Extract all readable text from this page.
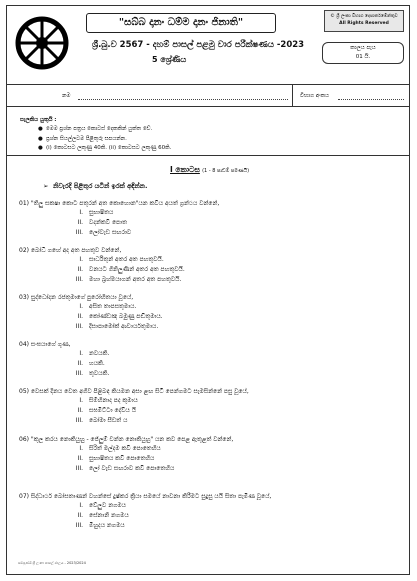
"සබ්බ දානං ධම්ම දානං ජිනාති"
© ශ්‍රී ලංකා විභාග දෙපාර්තමේන්තුව
All Rights Reserved
ශ්‍රී.බු.ව 2567 - දහම් පාසල් පළමු වාර පරීක්ෂණය -2023
5 ශ්‍රේණිය
කාලය පැය
01 යි.
නම	විභාග අංකය
සැලකිය යුතුයි :
● මෙම ප්‍රශ්න පත්‍රය කොටස් දෙකකින් යුක්ත වේ.
● ප්‍රශ්න සියල්ලටම පිළිතුරු සපයන්න.
● (i) කොටසට ලකුණු 40කි. (ii) කොටසට ලකුණු 60කි.
I කොටස (1 - 8 පාඩම් පමණයි)
➢  නිවැරදි පිළිතුර යටින් ඉරක් අඳින්න.
01) "තිලු සකෂා කොට පතුරන් අත කොහොන"යන කවිය අයත් ග්‍රන්ථය වන්නේ,
I. සුභාෂිතය
II. වදන්කවි පොත
III. ලෝවැඩ සඟරාව
02) බෝධි ගහේ අද අත පහතුව වන්නේ,
I. සාර්ධිතුන් අතර අත පහතුවයි.
II. වනයට ගිනිලුණින් අතර අත පහතුවයි.
III. මහා බ්‍රහ්මයාගන් අතර අත පහතුවයි.
03) සුද්ධෝදන රජතුමාගේ පුරෝහිතයා වූයේ,
I. අසිත තාපසතුමාය.
II. කෝණ්ඩඤ බමුණු පඬිතුමාය.
III. දිසාපාමෝක් ආචාර්යතුමාය.
04) සංඝයාගේ ගුණ,
I. නවයකි.
II. හයකි.
III. තුවයකි.
05) වෙසක් දිනය වෙත අගිව පිළිබඳ කියමන අසා ළඟ සිටි පෙන්ගමට සැමසින්නේ පසු වූයේ,
I. සිම්හිනාද පද කුමාය
II. සඝමිට්ටා දේවිය යි
III. බෝමා සීඩත් ය
06) "කුල කරය නොකියුහු - ජේලුම් චන්න නොකියුහු" යන කව පෙළ ඇතුළත් වන්නේ,
I. සිරිත් මල්දම කවි පොතෙහිය
II. සුභාෂිතය කවි පොතෙහිය
III. ලෝ වැඩ සඟරාව කවි පොතෙහිය
07) සිද්ධාර්ථ බෝසතාණන් වහන්සේ දුෂ්කර ක්‍රියා සමයේ නාවනා කිරීමට සුදුසු යයි සිතා පැමිණ වූයේ,
I. වේලුව නගමය
II. සේනානි නගමය
III. මිහුදය නගමය
සම්පූර්ණ ශ්‍රී ලංකා පාසල් ජාලය - 2023/2024
